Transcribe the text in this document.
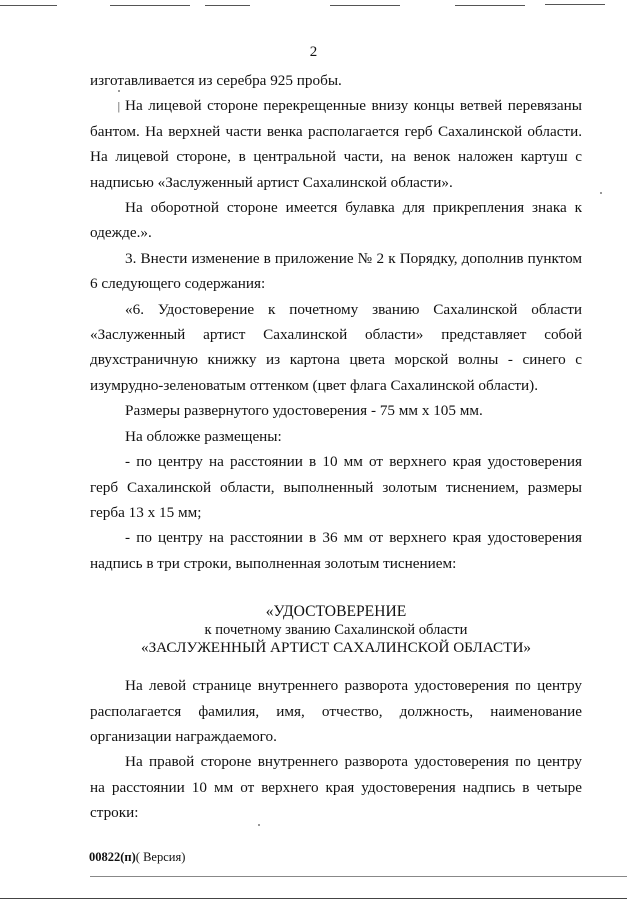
2
|

изготавливается из серебра 925 пробы.

На лицевой стороне перекрещенные внизу концы ветвей перевязаны бантом. На верхней части венка располагается герб Сахалинской области. На лицевой стороне, в центральной части, на венок наложен картуш с надписью «Заслуженный артист Сахалинской области».

На оборотной стороне имеется булавка для прикрепления знака к одежде.».

3. Внести изменение в приложение № 2 к Порядку, дополнив пунктом 6 следующего содержания:

«6. Удостоверение к почетному званию Сахалинской области «Заслуженный артист Сахалинской области» представляет собой двухстраничную книжку из картона цвета морской волны - синего с изумрудно-зеленоватым оттенком (цвет флага Сахалинской области).

Размеры развернутого удостоверения - 75 мм х 105 мм.

На обложке размещены:

- по центру на расстоянии в 10 мм от верхнего края удостоверения герб Сахалинской области, выполненный золотым тиснением, размеры герба 13 х 15 мм;

- по центру на расстоянии в 36 мм от верхнего края удостоверения надпись в три строки, выполненная золотым тиснением:

«УДОСТОВЕРЕНИЕ
к почетному званию Сахалинской области
«ЗАСЛУЖЕННЫЙ АРТИСТ САХАЛИНСКОЙ ОБЛАСТИ»

На левой странице внутреннего разворота удостоверения по центру располагается фамилия, имя, отчество, должность, наименование организации награждаемого.

На правой стороне внутреннего разворота удостоверения по центру на расстоянии 10 мм от верхнего края удостоверения надпись в четыре строки:

00822(п)( Версия)
